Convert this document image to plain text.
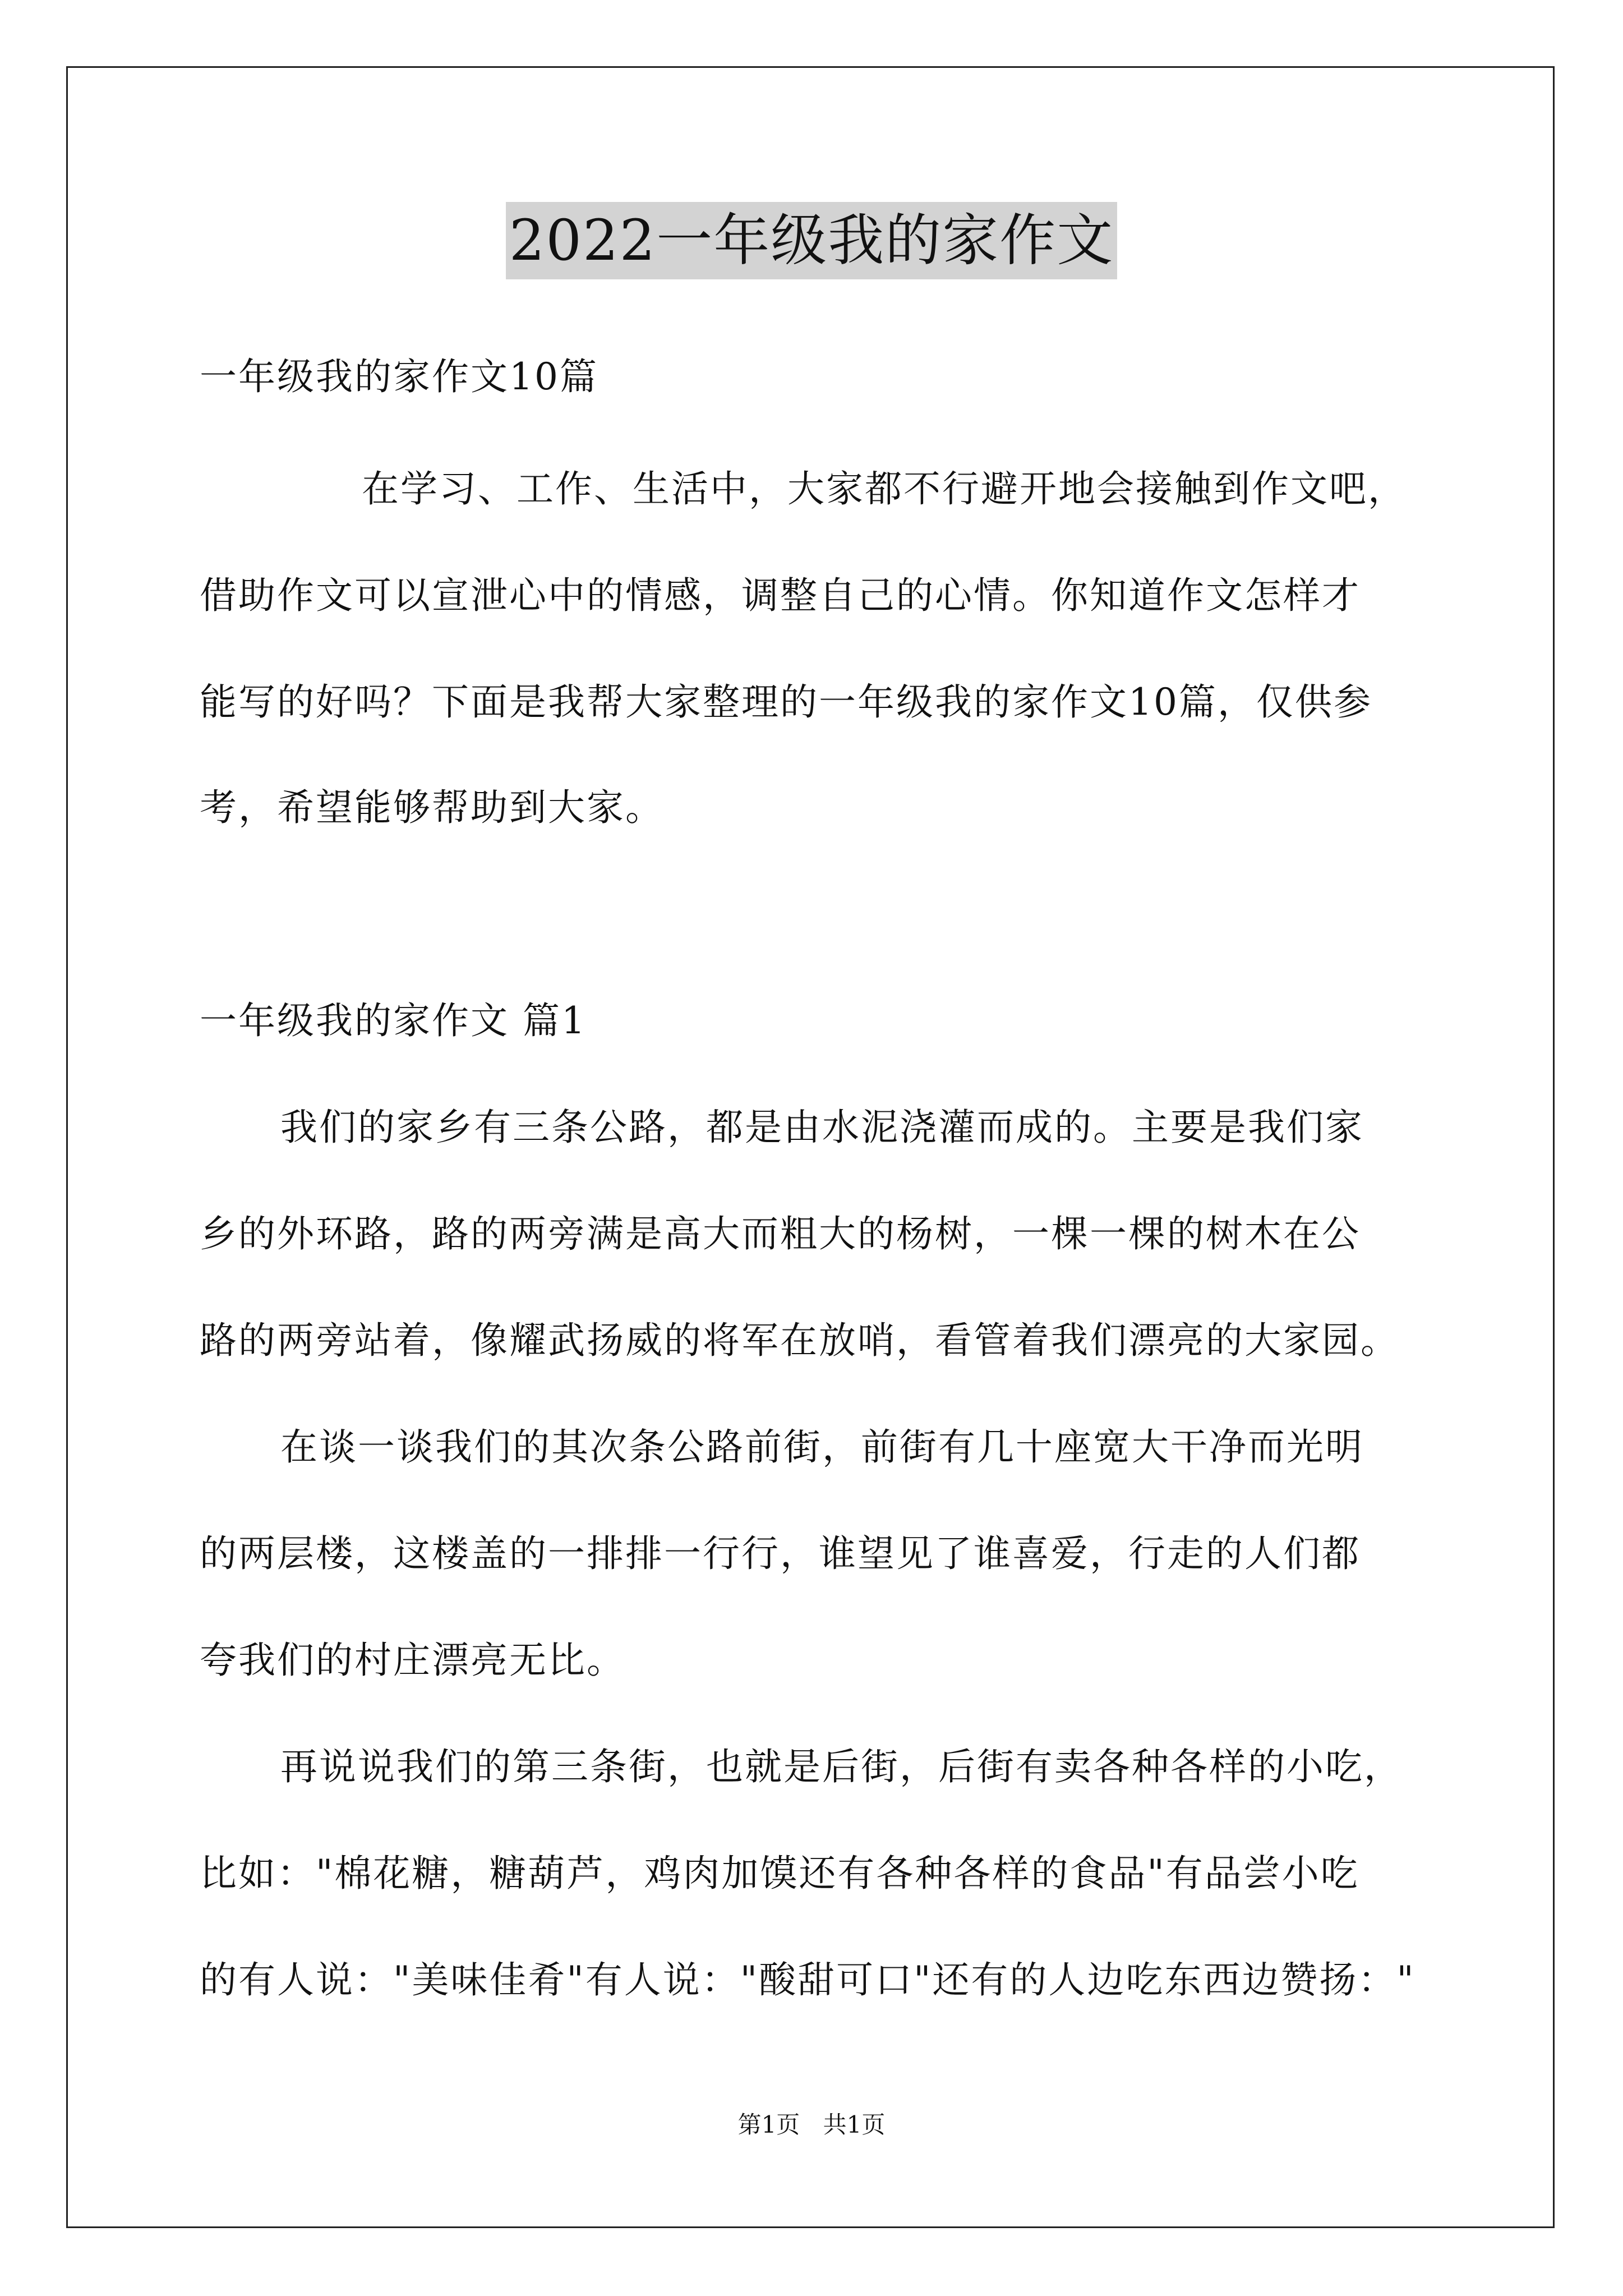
2022一年级我的家作文
一年级我的家作文10篇
在学习、工作、生活中，大家都不行避开地会接触到作文吧，
借助作文可以宣泄心中的情感，调整自己的心情。你知道作文怎样才
能写的好吗？下面是我帮大家整理的一年级我的家作文10篇，仅供参
考，希望能够帮助到大家。
一年级我的家作文 篇1
我们的家乡有三条公路，都是由水泥浇灌而成的。主要是我们家
乡的外环路，路的两旁满是高大而粗大的杨树，一棵一棵的树木在公
路的两旁站着，像耀武扬威的将军在放哨，看管着我们漂亮的大家园。
在谈一谈我们的其次条公路前街，前街有几十座宽大干净而光明
的两层楼，这楼盖的一排排一行行，谁望见了谁喜爱，行走的人们都
夸我们的村庄漂亮无比。
再说说我们的第三条街，也就是后街，后街有卖各种各样的小吃，
比如："棉花糖，糖葫芦，鸡肉加馍还有各种各样的食品"有品尝小吃
的有人说："美味佳肴"有人说："酸甜可口"还有的人边吃东西边赞扬："
第1页 共1页
